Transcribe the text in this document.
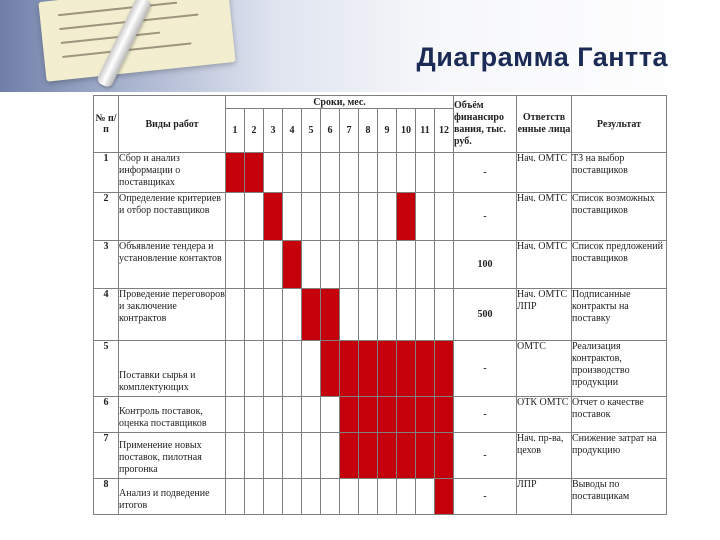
Диаграмма Гантта
№ п/п	Виды работ	Сроки, мес.												Объём финансиро вания, тыс. руб.	Ответств енные лица	Результат
		1	2	3	4	5	6	7	8	9	10	11	12			
1	Сбор и анализ информации о поставщиках													-	Нач. ОМТС	ТЗ на выбор поставщиков
2	Определение критериев и отбор поставщиков													-	Нач. ОМТС	Список возможных поставщиков
3	Объявление тендера и установление контактов													100	Нач. ОМТС	Список предложений поставщиков
4	Проведение переговоров и заключение контрактов													500	Нач. ОМТС ЛПР	Подписанные контракты на поставку
5	Поставки сырья и комплектующих													-	ОМТС	Реализация контрактов, производство продукции
6	Контроль поставок, оценка поставщиков													-	ОТК ОМТС	Отчет о качестве поставок
7	Применение новых поставок, пилотная прогонка													-	Нач. пр-ва, цехов	Снижение затрат на продукцию
8	Анализ и подведение итогов													-	ЛПР	Выводы по поставщикам
